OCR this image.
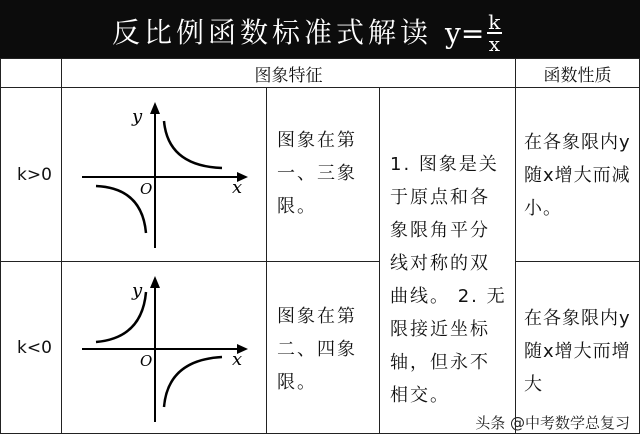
反比例函数标准式解读 $y= \frac{k}{x}$
图象特征	函数性质
k>0
y
x
O
图象在第一、三象限。
1. 图象是关于原点和各象限角平分线对称的双曲线。 2. 无限接近坐标轴，但永不相交。
在各象限内y随x增大而减小。
k<0
y
x
O
图象在第二、四象限。
在各象限内y随x增大而增大
头条 @中考数学总复习
